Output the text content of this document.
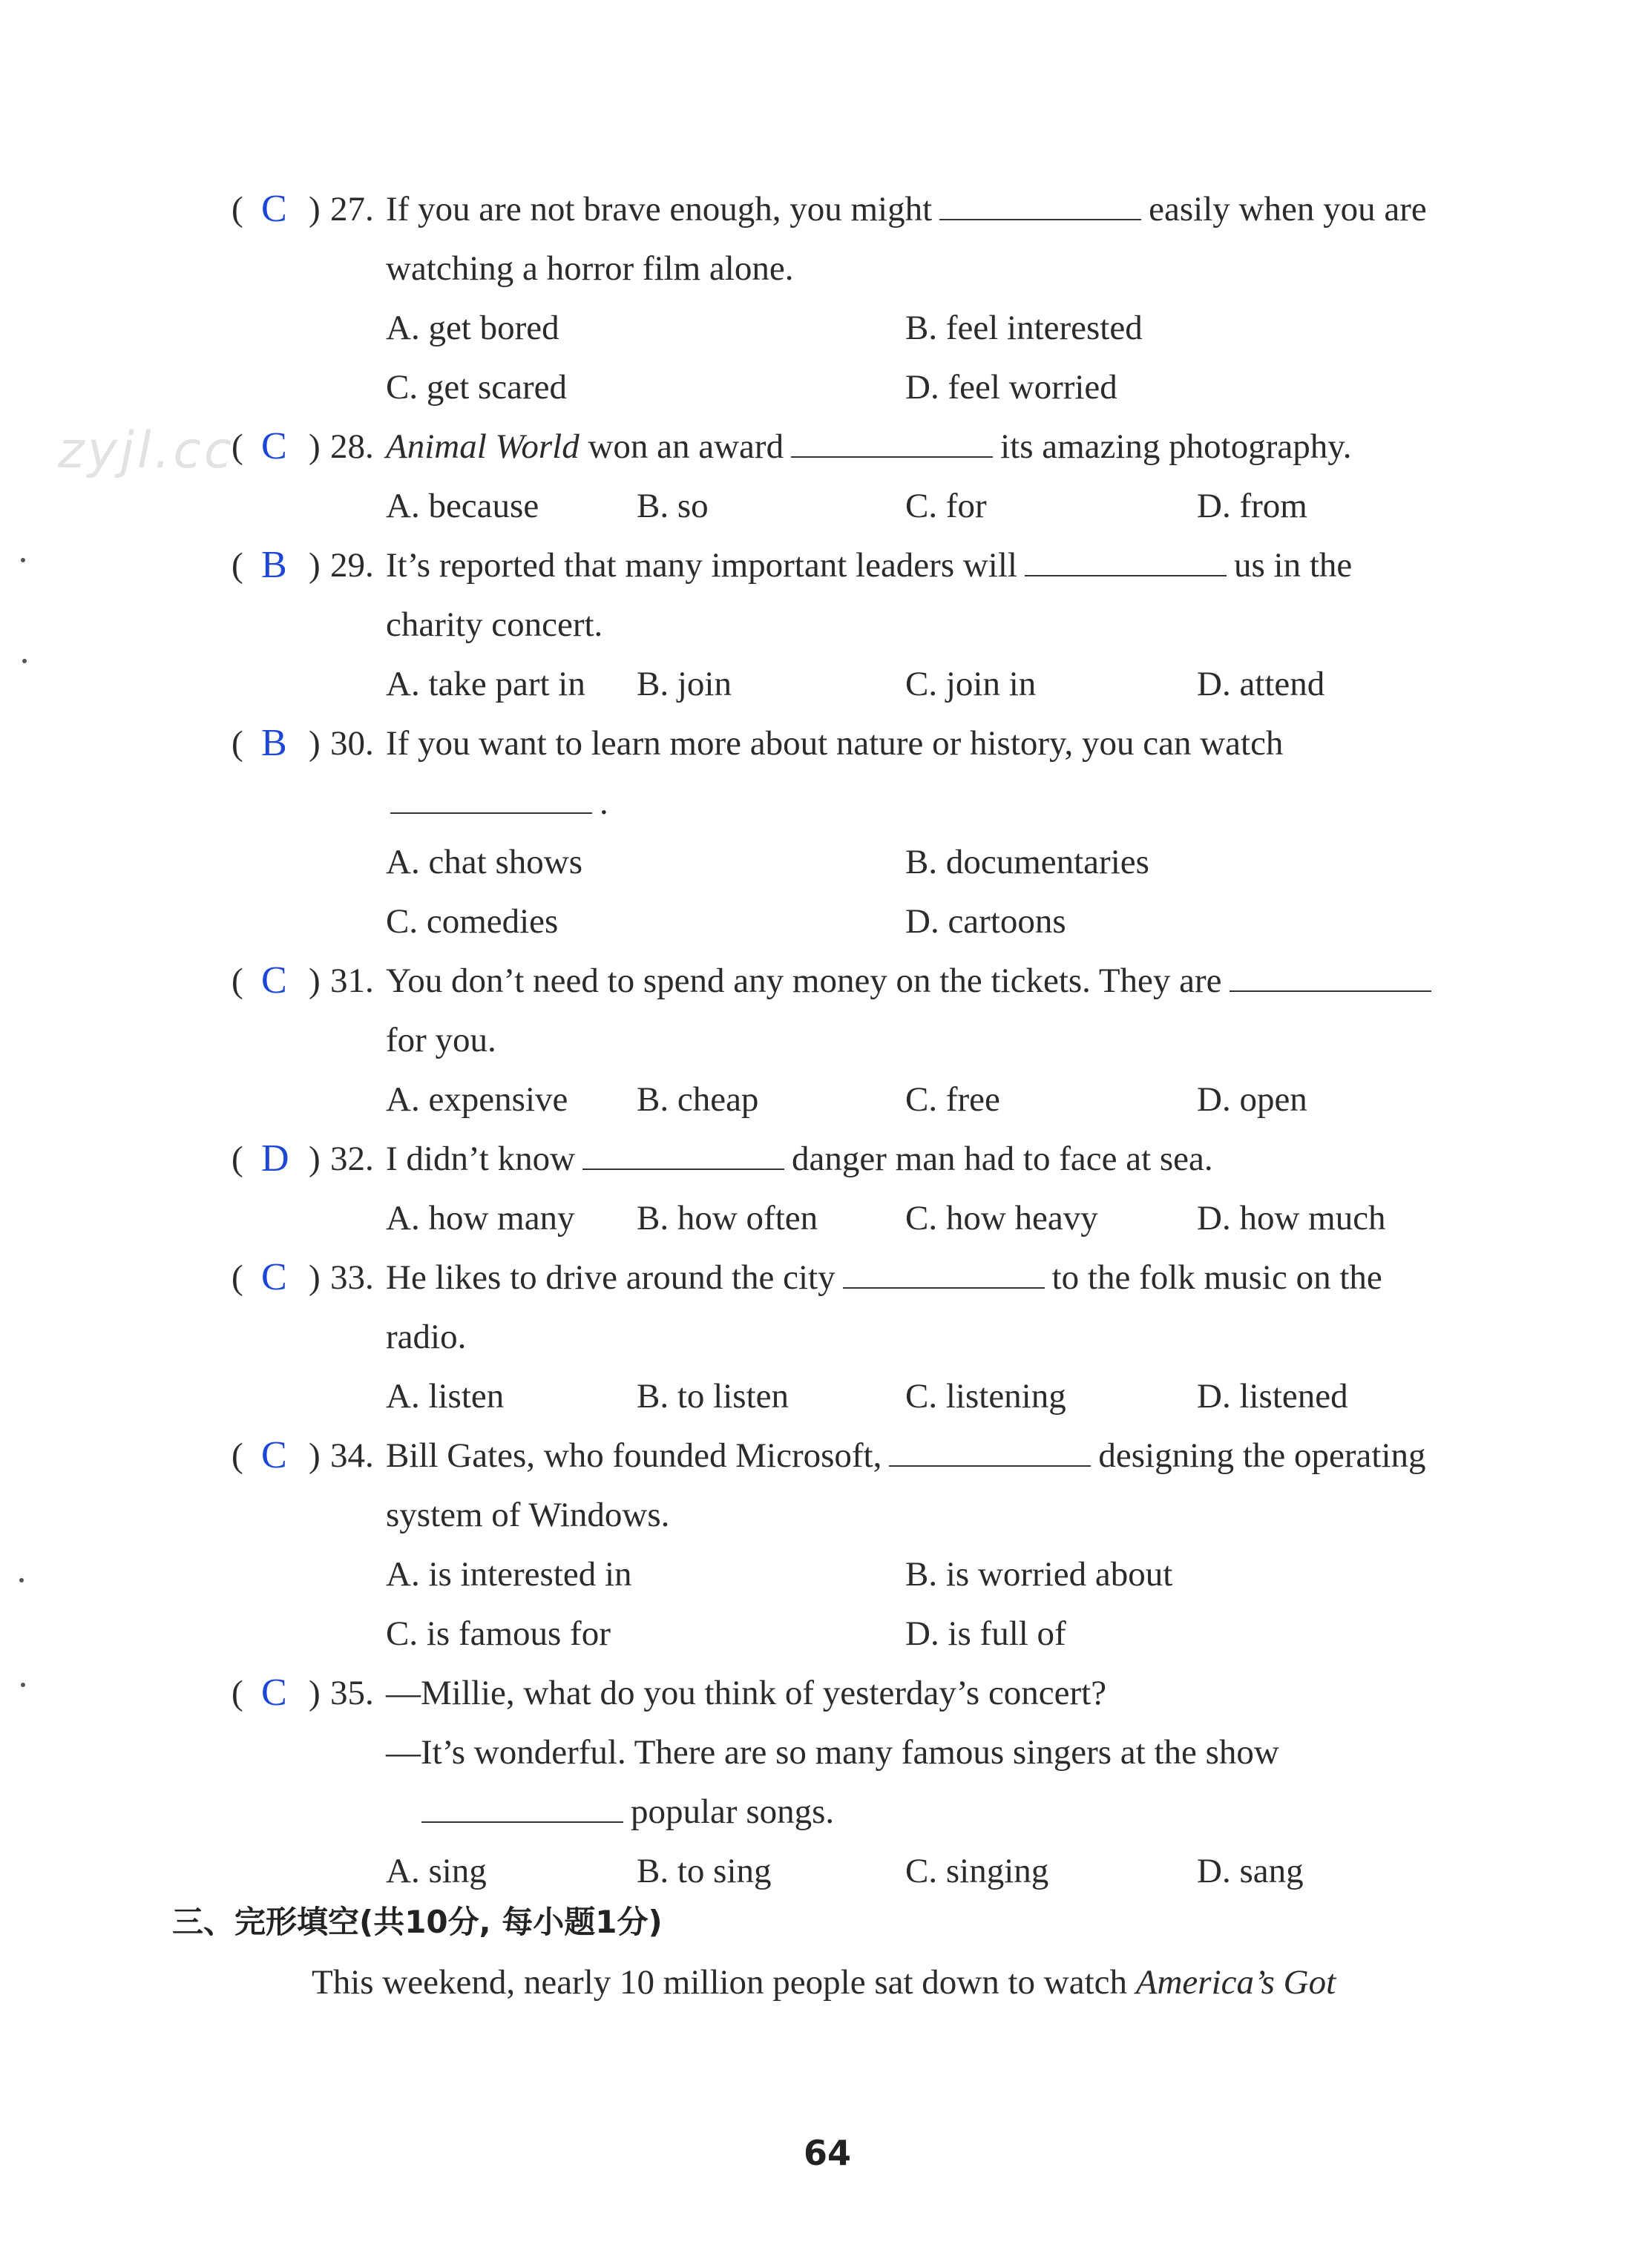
zyjl.cc
( C ) 27. If you are not brave enough, you might	easily when you are
watching a horror film alone.
A. get bored	B. feel interested
C. get scared	D. feel worried
( C ) 28. Animal World won an award	its amazing photography.
A. because	B. so	C. for	D. from
( B ) 29. It’s reported that many important leaders will	us in the
charity concert.
A. take part in B. join	C. join in	D. attend
( B ) 30. If you want to learn more about nature or history, you can watch
.
A. chat shows	B. documentaries
C. comedies	D. cartoons
( C ) 31. You don’t need to spend any money on the tickets. They are
for you.
A. expensive B. cheap	C. free	D. open
( D ) 32. I didn’t know	danger man had to face at sea.
A. how many B. how often	C. how heavy	D. how much
( C ) 33. He likes to drive around the city	to the folk music on the
radio.
A. listen	B. to listen	C. listening	D. listened
( C ) 34. Bill Gates, who founded Microsoft,	designing the operating
system of Windows.
A. is interested in	B. is worried about
C. is famous for	D. is full of
( C ) 35. —Millie, what do you think of yesterday’s concert?
—It’s wonderful. There are so many famous singers at the show
popular songs.
A. sing	B. to sing	C. singing	D. sang
三、完形填空(共10分, 每小题1分)
This weekend, nearly 10 million people sat down to watch America’s Got
64
